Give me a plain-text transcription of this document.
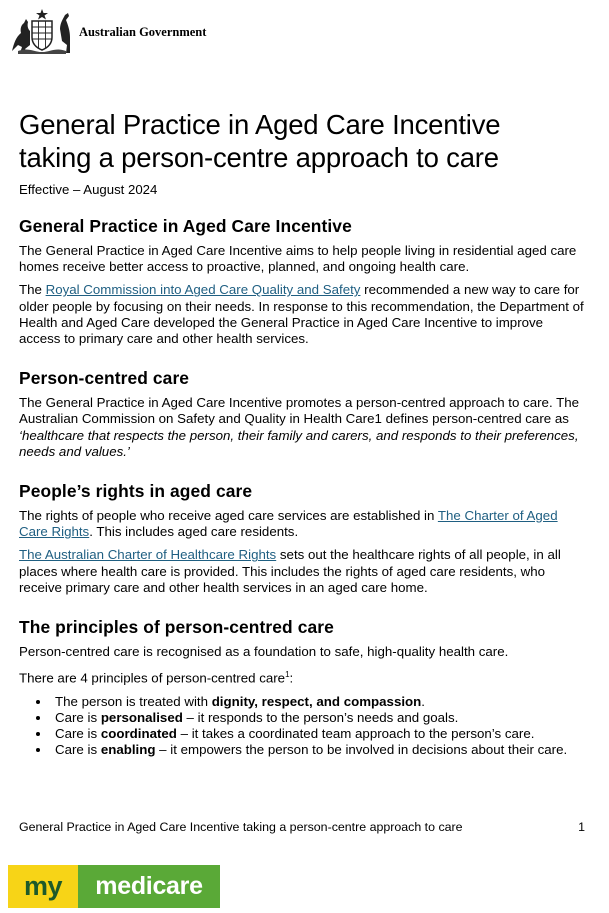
Australian Government
General Practice in Aged Care Incentive
taking a person-centre approach to care
Effective – August 2024
General Practice in Aged Care Incentive

The General Practice in Aged Care Incentive aims to help people living in residential aged care homes receive better access to proactive, planned, and ongoing health care.

The Royal Commission into Aged Care Quality and Safety recommended a new way to care for older people by focusing on their needs. In response to this recommendation, the Department of Health and Aged Care developed the General Practice in Aged Care Incentive to improve access to primary care and other health services.

Person-centred care

The General Practice in Aged Care Incentive promotes a person-centred approach to care. The Australian Commission on Safety and Quality in Health Care1 defines person-centred care as ‘healthcare that respects the person, their family and carers, and responds to their preferences, needs and values.’

People’s rights in aged care

The rights of people who receive aged care services are established in The Charter of Aged Care Rights. This includes aged care residents.

The Australian Charter of Healthcare Rights sets out the healthcare rights of all people, in all places where health care is provided. This includes the rights of aged care residents, who receive primary care and other health services in an aged care home.

The principles of person-centred care

Person-centred care is recognised as a foundation to safe, high-quality health care.

There are 4 principles of person-centred care$^1$:

• The person is treated with dignity, respect, and compassion.
• Care is personalised – it responds to the person’s needs and goals.
• Care is coordinated – it takes a coordinated team approach to the person’s care.
• Care is enabling – it empowers the person to be involved in decisions about their care.
General Practice in Aged Care Incentive taking a person-centre approach to care	1
my	medicare
